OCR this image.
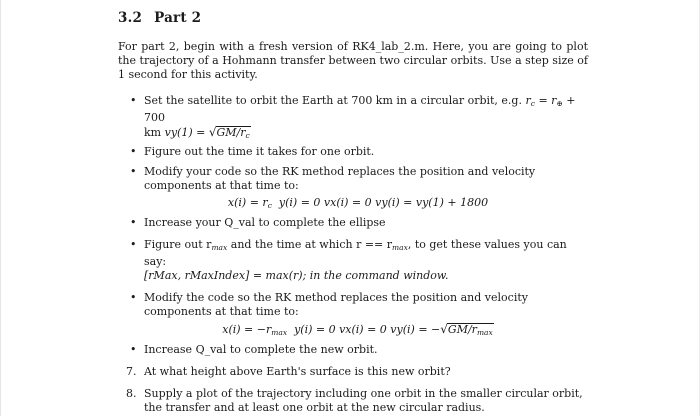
3.2 Part 2
For part 2, begin with a fresh version of RK4_lab_2.m. Here, you are going to plot the trajectory of a Hohmann transfer between two circular orbits. Use a step size of 1 second for this activity.
• Set the satellite to orbit the Earth at 700 km in a circular orbit, e.g. $r_c = r_\oplus + 700$
km $vy(1) = √GM/r_c$
• Figure out the time it takes for one orbit.
• Modify your code so the RK method replaces the position and velocity components at that time to:
$x(i) = r_c$ y(i) = 0 vx(i) = 0 vy(i) = vy(1) + 1800
• Increase your Q_val to complete the ellipse
• Figure out $r_{max}$ and the time at which $r == r_{max}$, to get these values you can say:
[rMax, rMaxIndex] = max(r); in the command window.
• Modify the code so the RK method replaces the position and velocity components at that time to:
$x(i) = -r_{max}$ y(i) = 0 vx(i) = 0 $vy(i) = -√GM/r_{max}$
• Increase Q_val to complete the new orbit.
7. At what height above Earth's surface is this new orbit?
8. Supply a plot of the trajectory including one orbit in the smaller circular orbit, the transfer and at least one orbit at the new circular radius.
